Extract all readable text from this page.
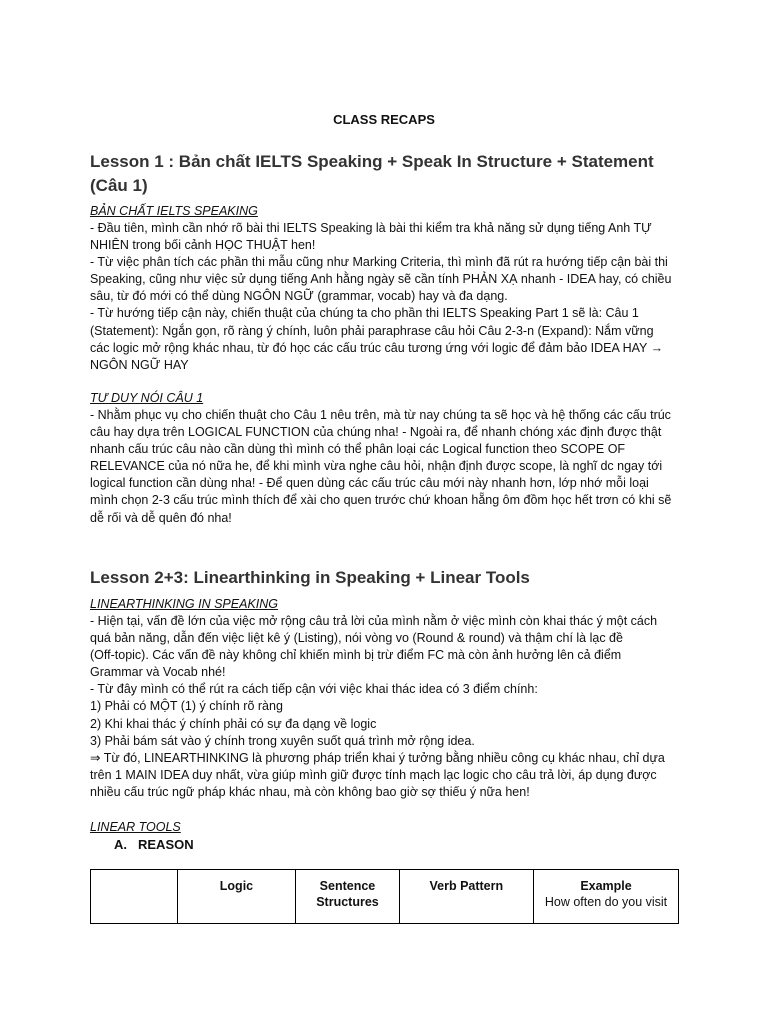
CLASS RECAPS
Lesson 1 : Bản chất IELTS Speaking + Speak In Structure + Statement (Câu 1)

BẢN CHẤT IELTS SPEAKING

- Đầu tiên, mình cần nhớ rõ bài thi IELTS Speaking là bài thi kiểm tra khả năng sử dụng tiếng Anh TỰ

NHIÊN trong bối cảnh HỌC THUẬT hen!

- Từ việc phân tích các phần thi mẫu cũng như Marking Criteria, thì mình đã rút ra hướng tiếp cận bài thi

Speaking, cũng như việc sử dụng tiếng Anh hằng ngày sẽ cần tính PHẢN XẠ nhanh - IDEA hay, có chiều

sâu, từ đó mới có thể dùng NGÔN NGỮ (grammar, vocab) hay và đa dạng.

- Từ hướng tiếp cận này, chiến thuật của chúng ta cho phần thi IELTS Speaking Part 1 sẽ là: Câu 1

(Statement): Ngắn gọn, rõ ràng ý chính, luôn phải paraphrase câu hỏi Câu 2-3-n (Expand): Nắm vững

các logic mở rộng khác nhau, từ đó học các cấu trúc câu tương ứng với logic để đảm bảo IDEA HAY →

NGÔN NGỮ HAY

TƯ DUY NÓI CÂU 1

- Nhằm phục vụ cho chiến thuật cho Câu 1 nêu trên, mà từ nay chúng ta sẽ học và hệ thống các cấu trúc

câu hay dựa trên LOGICAL FUNCTION của chúng nha! - Ngoài ra, để nhanh chóng xác định được thật

nhanh cấu trúc câu nào cần dùng thì mình có thể phân loại các Logical function theo SCOPE OF

RELEVANCE của nó nữa he, để khi mình vừa nghe câu hỏi, nhận định được scope, là nghĩ dc ngay tới

logical function cần dùng nha! - Để quen dùng các cấu trúc câu mới này nhanh hơn, lớp nhớ mỗi loại

mình chọn 2-3 cấu trúc mình thích để xài cho quen trước chứ khoan hẵng ôm đồm học hết trơn có khi sẽ

dễ rối và dễ quên đó nha!

Lesson 2+3: Linearthinking in Speaking + Linear Tools

LINEARTHINKING IN SPEAKING

- Hiện tại, vấn đề lớn của việc mở rộng câu trả lời của mình nằm ở việc mình còn khai thác ý một cách

quá bản năng, dẫn đến việc liệt kê ý (Listing), nói vòng vo (Round & round) và thậm chí là lạc đề

(Off-topic). Các vấn đề này không chỉ khiến mình bị trừ điểm FC mà còn ảnh hưởng lên cả điểm

Grammar và Vocab nhé!

- Từ đây mình có thể rút ra cách tiếp cận với việc khai thác idea có 3 điểm chính:

1) Phải có MỘT (1) ý chính rõ ràng

2) Khi khai thác ý chính phải có sự đa dạng về logic

3) Phải bám sát vào ý chính trong xuyên suốt quá trình mở rộng idea.

⇒ Từ đó, LINEARTHINKING là phương pháp triển khai ý tưởng bằng nhiều công cụ khác nhau, chỉ dựa

trên 1 MAIN IDEA duy nhất, vừa giúp mình giữ được tính mạch lạc logic cho câu trả lời, áp dụng được

nhiều cấu trúc ngữ pháp khác nhau, mà còn không bao giờ sợ thiếu ý nữa hen!

LINEAR TOOLS

A. REASON

	Logic	Sentence Structures	Verb Pattern	Example
How often do you visit
